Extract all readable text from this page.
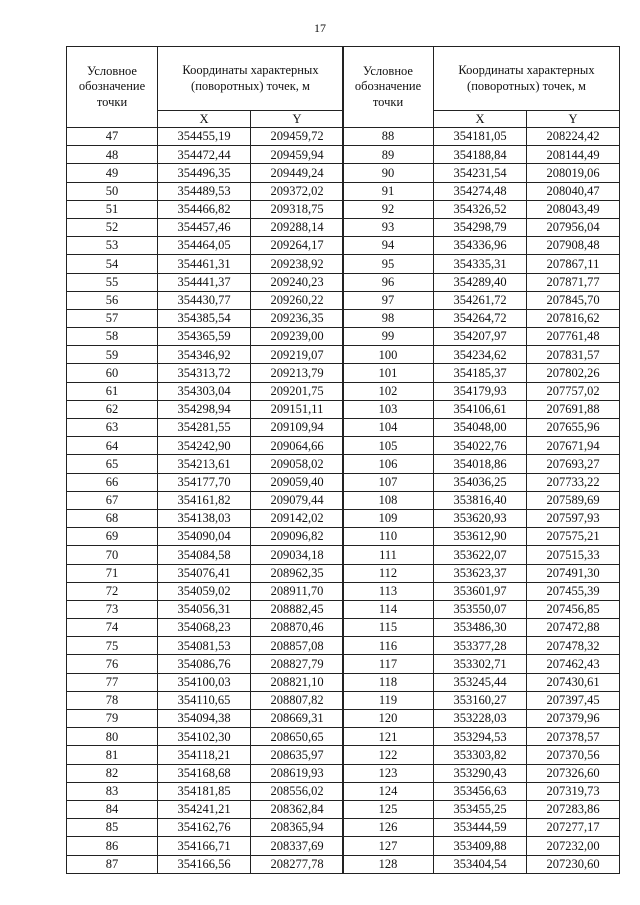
17
Условное обозначение точки	Координаты характерных (поворотных) точек, м	
	X	Y
47	354455,19	209459,72
48	354472,44	209459,94
49	354496,35	209449,24
50	354489,53	209372,02
51	354466,82	209318,75
52	354457,46	209288,14
53	354464,05	209264,17
54	354461,31	209238,92
55	354441,37	209240,23
56	354430,77	209260,22
57	354385,54	209236,35
58	354365,59	209239,00
59	354346,92	209219,07
60	354313,72	209213,79
61	354303,04	209201,75
62	354298,94	209151,11
63	354281,55	209109,94
64	354242,90	209064,66
65	354213,61	209058,02
66	354177,70	209059,40
67	354161,82	209079,44
68	354138,03	209142,02
69	354090,04	209096,82
70	354084,58	209034,18
71	354076,41	208962,35
72	354059,02	208911,70
73	354056,31	208882,45
74	354068,23	208870,46
75	354081,53	208857,08
76	354086,76	208827,79
77	354100,03	208821,10
78	354110,65	208807,82
79	354094,38	208669,31
80	354102,30	208650,65
81	354118,21	208635,97
82	354168,68	208619,93
83	354181,85	208556,02
84	354241,21	208362,84
85	354162,76	208365,94
86	354166,71	208337,69
87	354166,56	208277,78
Условное обозначение точки	Координаты характерных (поворотных) точек, м	
	X	Y
88	354181,05	208224,42
89	354188,84	208144,49
90	354231,54	208019,06
91	354274,48	208040,47
92	354326,52	208043,49
93	354298,79	207956,04
94	354336,96	207908,48
95	354335,31	207867,11
96	354289,40	207871,77
97	354261,72	207845,70
98	354264,72	207816,62
99	354207,97	207761,48
100	354234,62	207831,57
101	354185,37	207802,26
102	354179,93	207757,02
103	354106,61	207691,88
104	354048,00	207655,96
105	354022,76	207671,94
106	354018,86	207693,27
107	354036,25	207733,22
108	353816,40	207589,69
109	353620,93	207597,93
110	353612,90	207575,21
111	353622,07	207515,33
112	353623,37	207491,30
113	353601,97	207455,39
114	353550,07	207456,85
115	353486,30	207472,88
116	353377,28	207478,32
117	353302,71	207462,43
118	353245,44	207430,61
119	353160,27	207397,45
120	353228,03	207379,96
121	353294,53	207378,57
122	353303,82	207370,56
123	353290,43	207326,60
124	353456,63	207319,73
125	353455,25	207283,86
126	353444,59	207277,17
127	353409,88	207232,00
128	353404,54	207230,60
